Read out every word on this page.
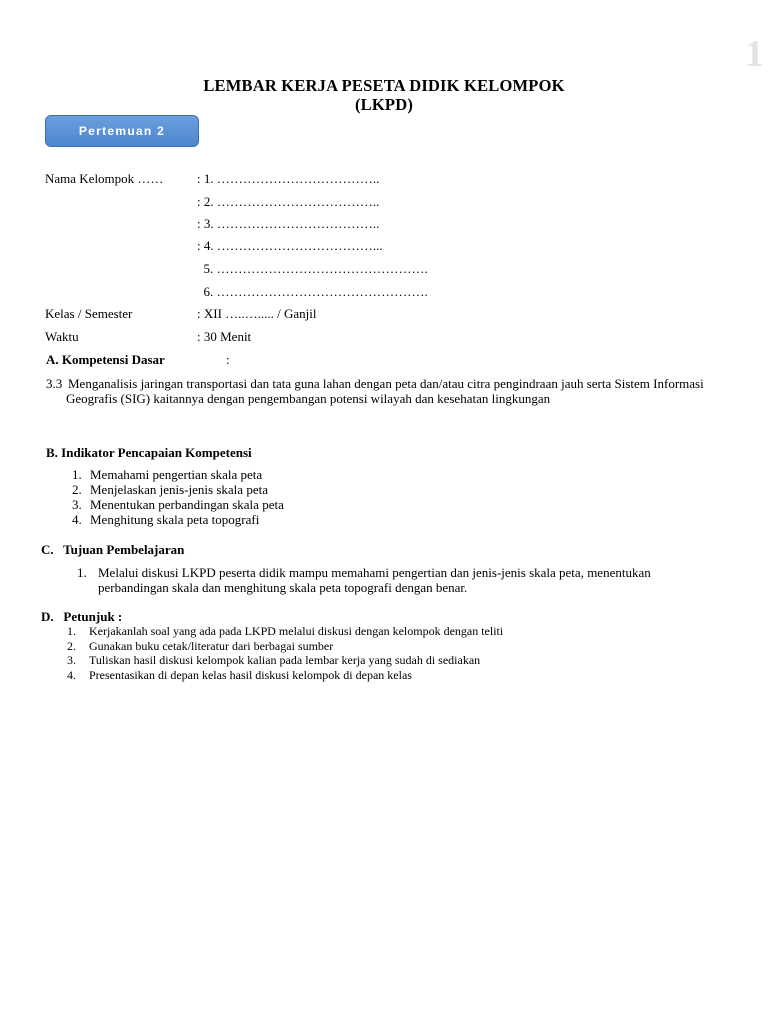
1
LEMBAR KERJA PESETA DIDIK KELOMPOK
(LKPD)
Pertemuan 2
Nama Kelompok ……	: 1. ………………………………..
: 2. ………………………………..
: 3. ………………………………..
: 4. ………………………………...
5. ………………………………………….
6. ………………………………………….
Kelas / Semester	: XII …..…..... / Ganjil
Waktu	: 30 Menit
A. Kompetensi Dasar	:
3.3 Menganalisis jaringan transportasi dan tata guna lahan dengan peta dan/atau citra pengindraan jauh serta Sistem Informasi Geografis (SIG) kaitannya dengan pengembangan potensi wilayah dan kesehatan lingkungan
B. Indikator Pencapaian Kompetensi
1. Memahami pengertian skala peta
2. Menjelaskan jenis-jenis skala peta
3. Menentukan perbandingan skala peta
4. Menghitung skala peta topografi
C.   Tujuan Pembelajaran
1. Melalui diskusi LKPD peserta didik mampu memahami pengertian dan jenis-jenis skala peta, menentukan perbandingan skala dan menghitung skala peta topografi dengan benar.
D.   Petunjuk :
1. Kerjakanlah soal yang ada pada LKPD melalui diskusi dengan kelompok dengan teliti
2. Gunakan buku cetak/literatur dari berbagai sumber
3. Tuliskan hasil diskusi kelompok kalian pada lembar kerja yang sudah di sediakan
4. Presentasikan di depan kelas hasil diskusi kelompok di depan kelas
